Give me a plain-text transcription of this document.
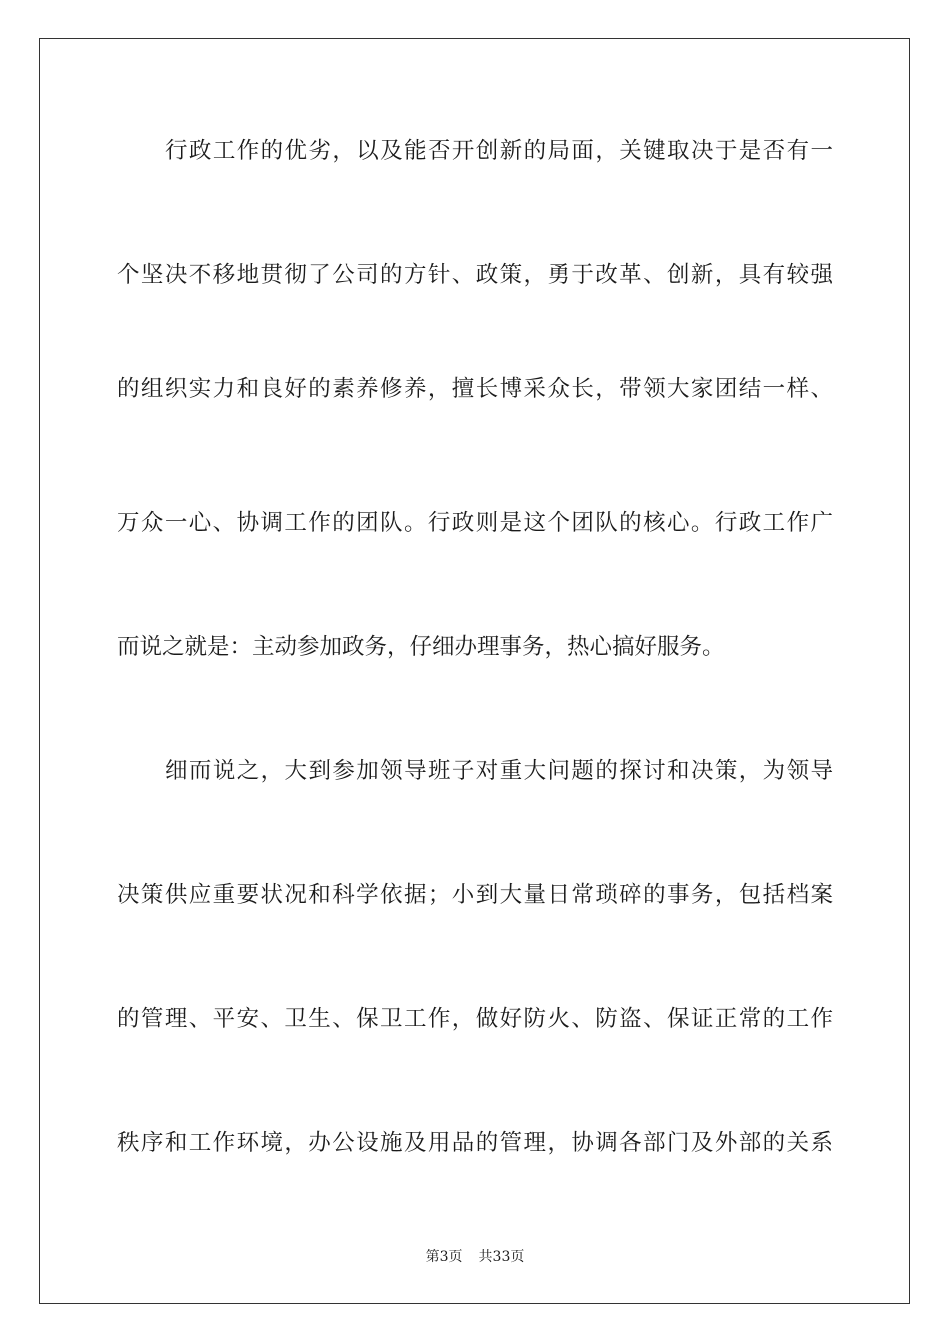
行政工作的优劣，以及能否开创新的局面，关键取决于是否有一
个坚决不移地贯彻了公司的方针、政策，勇于改革、创新，具有较强
的组织实力和良好的素养修养，擅长博采众长，带领大家团结一样、
万众一心、协调工作的团队。行政则是这个团队的核心。行政工作广
而说之就是：主动参加政务，仔细办理事务，热心搞好服务。
细而说之，大到参加领导班子对重大问题的探讨和决策，为领导
决策供应重要状况和科学依据；小到大量日常琐碎的事务，包括档案
的管理、平安、卫生、保卫工作，做好防火、防盗、保证正常的工作
秩序和工作环境，办公设施及用品的管理，协调各部门及外部的关系
第3页 共33页
